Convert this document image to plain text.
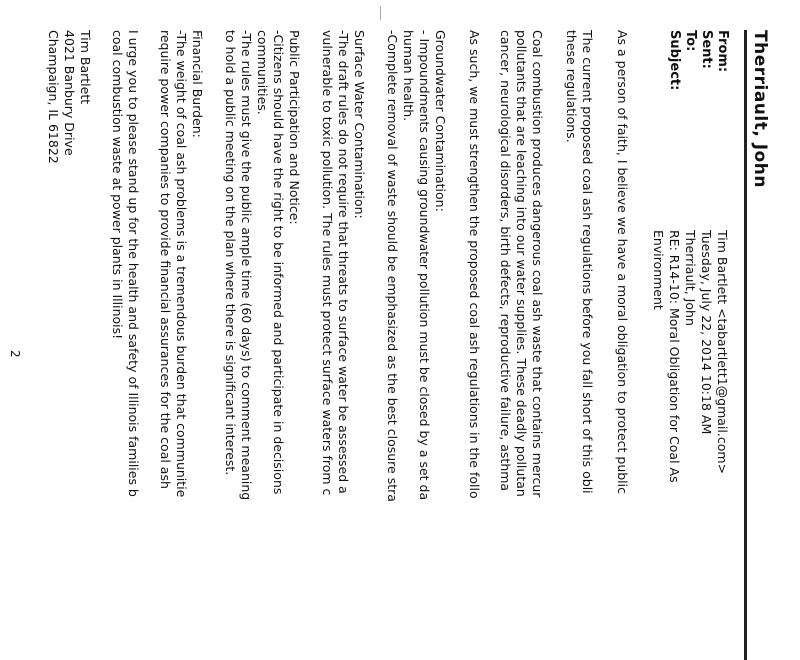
Therriault, John
From:
Tim Bartlett <tabartlett1@gmail.com>
Sent:
Tuesday, July 22, 2014 10:18 AM
To:
Therriault, John
Subject:
RE: R14-10: Moral Obligation for Coal As
Environment
As a person of faith, I believe we have a moral obligation to protect public
The current proposed coal ash regulations before you fall short of this obli
these regulations.
Coal combustion produces dangerous coal ash waste that contains mercur
pollutants that are leaching into our water supplies. These deadly pollutan
cancer, neurological disorders, birth defects, reproductive failure, asthma
As such, we must strengthen the proposed coal ash regulations in the follo
Groundwater Contamination:
- Impoundments causing groundwater pollution must be closed by a set da
human health.
-Complete removal of waste should be emphasized as the best closure stra
Surface Water Contamination:
-The draft rules do not require that threats to surface water be assessed a
vulnerable to toxic pollution. The rules must protect surface waters from c
Public Participation and Notice:
-Citizens should have the right to be informed and participate in decisions
communities.
-The rules must give the public ample time (60 days) to comment meaning
to hold a public meeting on the plan where there is significant interest.
Financial Burden:
-The weight of coal ash problems is a tremendous burden that communitie
require power companies to provide financial assurances for the coal ash
I urge you to please stand up for the health and safety of Illinois families b
coal combustion waste at power plants in Illinois!
Tim Bartlett
4021 Banbury Drive
Champaign, IL 61822
2
